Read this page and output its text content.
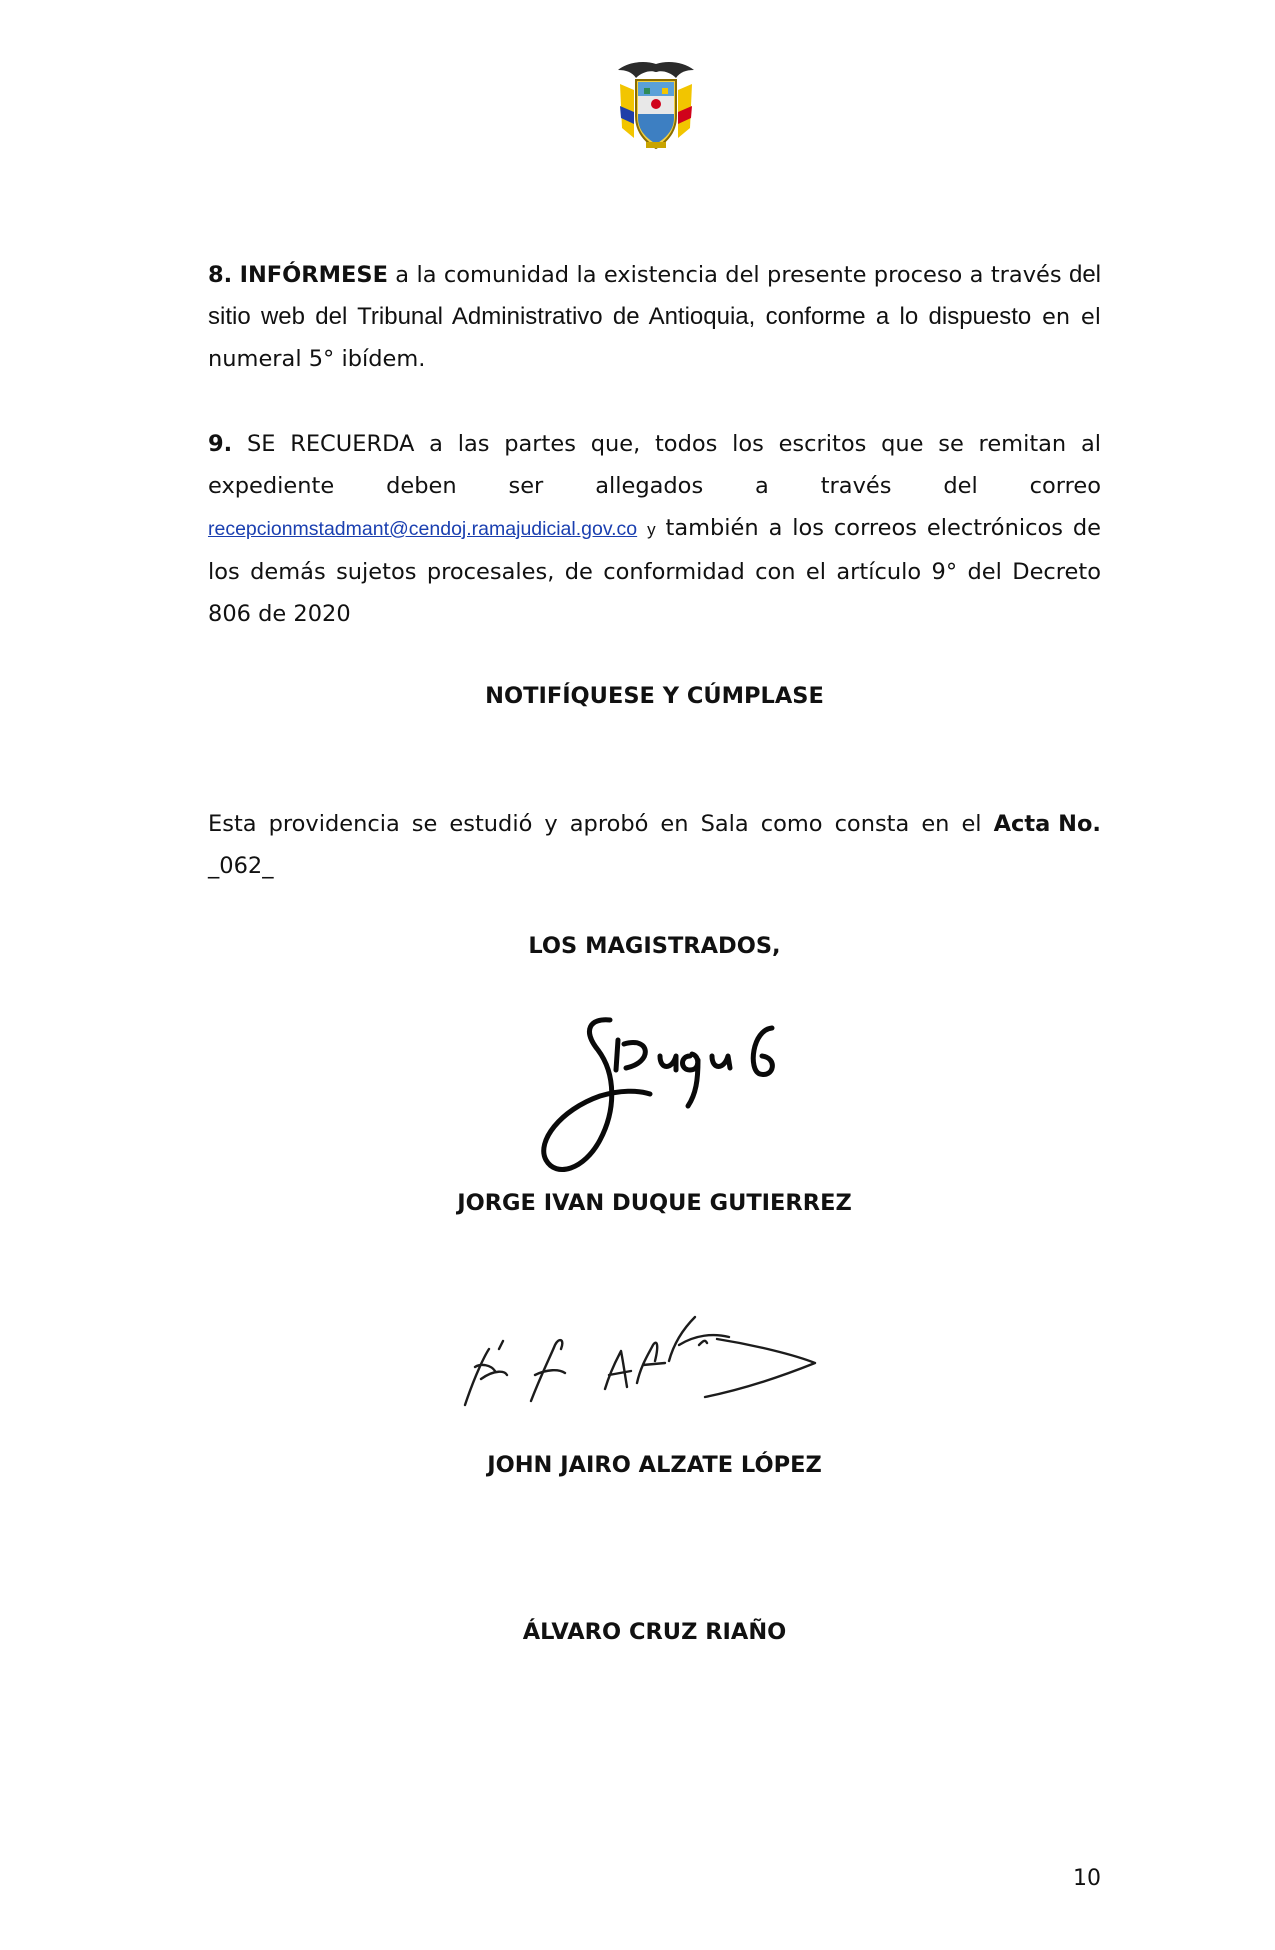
8. INFÓRMESE a la comunidad la existencia del presente proceso a través del sitio web del Tribunal Administrativo de Antioquia, conforme a lo dispuesto en el numeral 5° ibídem.
9. SE RECUERDA a las partes que, todos los escritos que se remitan al expediente deben ser allegados a través del correo recepcionmstadmant@cendoj.ramajudicial.gov.co y también a los correos electrónicos de los demás sujetos procesales, de conformidad con el artículo 9° del Decreto 806 de 2020
NOTIFÍQUESE Y CÚMPLASE
Esta providencia se estudió y aprobó en Sala como consta en el Acta No.
_062_
LOS MAGISTRADOS,
JORGE IVAN DUQUE GUTIERREZ
JOHN JAIRO ALZATE LÓPEZ
ÁLVARO CRUZ RIAÑO
10
